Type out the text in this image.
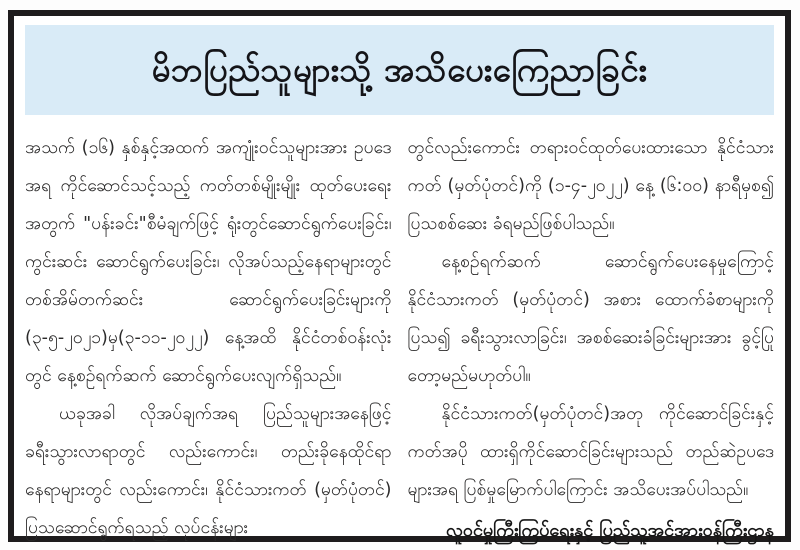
မိဘပြည်သူများသို့ အသိပေးကြေညာခြင်း

အသက် (၁၆) နှစ်နှင့်အထက် အကျုံးဝင်သူများအား ဥပဒေအရ ကိုင်ဆောင်သင့်သည့် ကတ်တစ်မျိုးမျိုး ထုတ်ပေးရေးအတွက် "ပန်းခင်း"စီမံချက်ဖြင့် ရုံးတွင်ဆောင်ရွက်ပေးခြင်း၊ ကွင်းဆင်း ဆောင်ရွက်ပေးခြင်း၊ လိုအပ်သည့်နေရာများတွင် တစ်အိမ်တက်ဆင်း ဆောင်ရွက်ပေးခြင်းများကို (၃-၅-၂၀၂၁)မှ(၃-၁၁-၂၀၂၂) နေ့အထိ နိုင်ငံတစ်ဝန်းလုံးတွင် နေ့စဉ်ရက်ဆက် ဆောင်ရွက်ပေးလျက်ရှိသည်။

ယခုအခါ လိုအပ်ချက်အရ ပြည်သူများအနေဖြင့် ခရီးသွားလာရာတွင် လည်းကောင်း၊ တည်းခိုနေထိုင်ရာ နေရာများတွင် လည်းကောင်း၊ နိုင်ငံသားကတ် (မှတ်ပုံတင်) ပြသဆောင်ရွက်ရသည့် လုပ်ငန်းများ

တွင်လည်းကောင်း တရားဝင်ထုတ်ပေးထားသော နိုင်ငံသားကတ် (မှတ်ပုံတင်)ကို (၁-၄-၂၀၂၂) နေ့ (၆:၀၀) နာရီမှစ၍ ပြသစစ်ဆေး ခံရမည်ဖြစ်ပါသည်။

နေ့စဉ်ရက်ဆက် ဆောင်ရွက်ပေးနေမှုကြောင့် နိုင်ငံသားကတ် (မှတ်ပုံတင်) အစား ထောက်ခံစာများကို ပြသ၍ ခရီးသွားလာခြင်း၊ အစစ်ဆေးခံခြင်းများအား ခွင့်ပြုတော့မည်မဟုတ်ပါ။

နိုင်ငံသားကတ်(မှတ်ပုံတင်)အတု ကိုင်ဆောင်ခြင်းနှင့် ကတ်အပို ထားရှိကိုင်ဆောင်ခြင်းများသည် တည်ဆဲဥပဒေများအရ ပြစ်မှုမြောက်ပါကြောင်း အသိပေးအပ်ပါသည်။

လူဝင်မှုကြီးကြပ်ရေးနှင့် ပြည်သူ့အင်အားဝန်ကြီးဌာန
